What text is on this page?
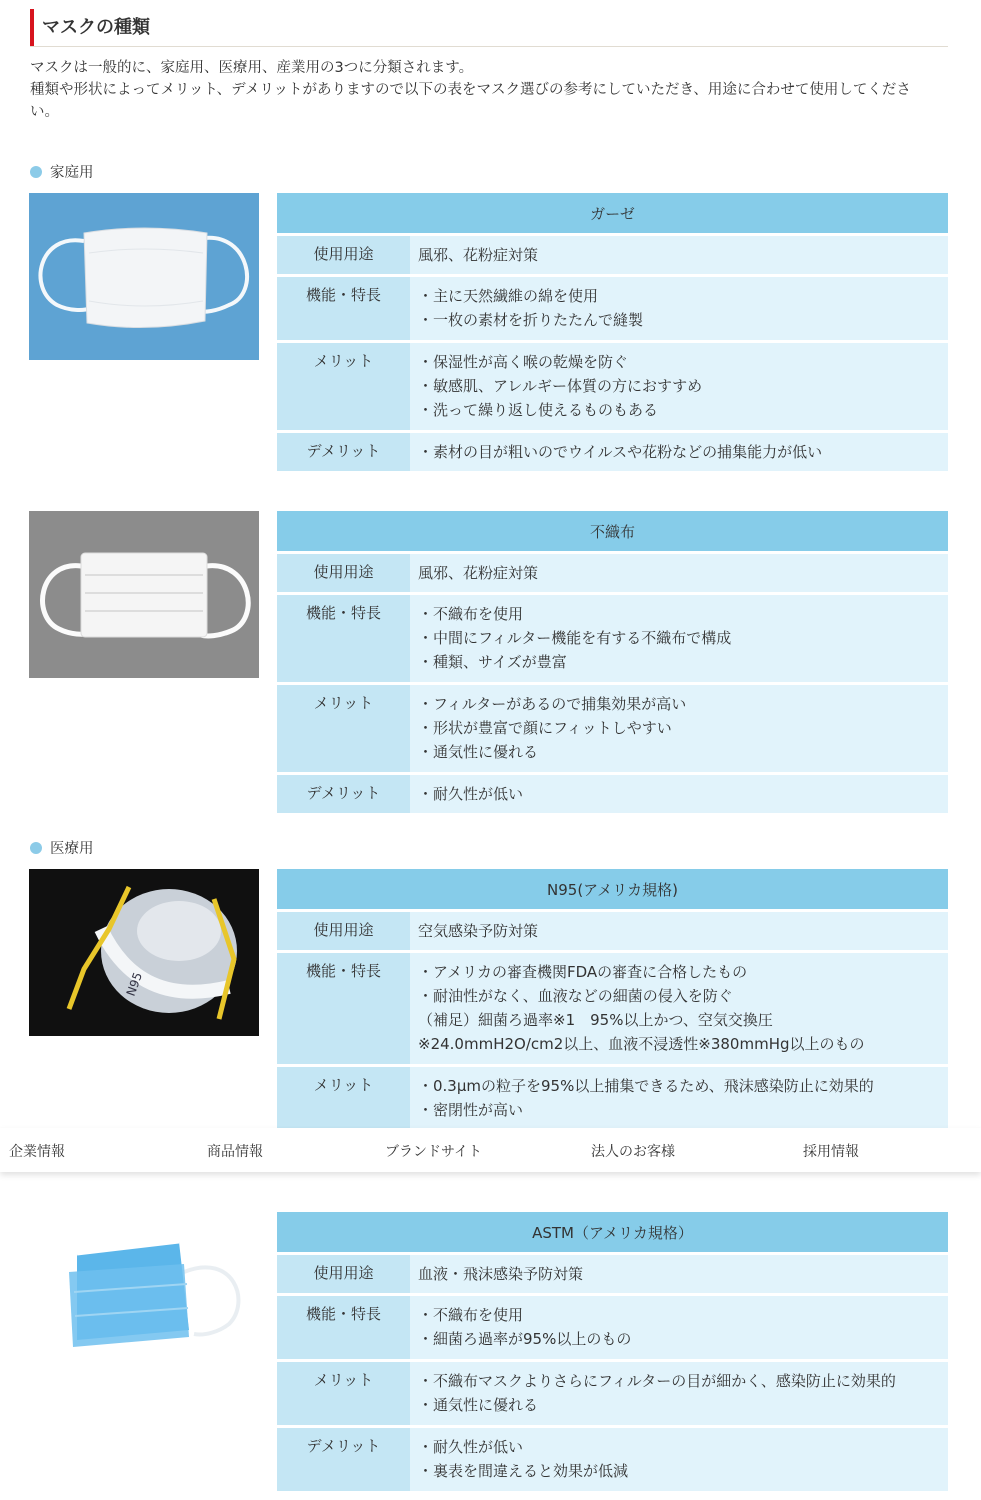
マスクの種類
マスクは一般的に、家庭用、医療用、産業用の3つに分類されます。
種類や形状によってメリット、デメリットがありますので以下の表をマスク選びの参考にしていただき、用途に合わせて使用してくださ
い。
家庭用
ガーゼ	
使用用途	風邪、花粉症対策

機能・特長	・主に天然繊維の綿を使用
・一枚の素材を折りたたんで縫製

メリット	・保湿性が高く喉の乾燥を防ぐ
・敏感肌、アレルギー体質の方におすすめ
・洗って繰り返し使えるものもある

デメリット	・素材の目が粗いのでウイルスや花粉などの捕集能力が低い
不織布	
使用用途	風邪、花粉症対策

機能・特長	・不織布を使用
・中間にフィルター機能を有する不織布で構成
・種類、サイズが豊富

メリット	・フィルターがあるので捕集効果が高い
・形状が豊富で顔にフィットしやすい
・通気性に優れる

デメリット	・耐久性が低い
医療用
N95
N95(アメリカ規格)	
使用用途	空気感染予防対策

機能・特長	・アメリカの審査機関FDAの審査に合格したもの
・耐油性がなく、血液などの細菌の侵入を防ぐ
（補足）細菌ろ過率※1　95%以上かつ、空気交換圧
※24.0mmH2O/cm2以上、血液不浸透性※380mmHg以上のもの

メリット	・0.3μmの粒子を95%以上捕集できるため、飛沫感染防止に効果的
・密閉性が高い
企業情報	商品情報	ブランドサイト	法人のお客様	採用情報
ASTM（アメリカ規格）	
使用用途	血液・飛沫感染予防対策

機能・特長	・不織布を使用
・細菌ろ過率が95%以上のもの

メリット	・不織布マスクよりさらにフィルターの目が細かく、感染防止に効果的
・通気性に優れる

デメリット	・耐久性が低い
・裏表を間違えると効果が低減
